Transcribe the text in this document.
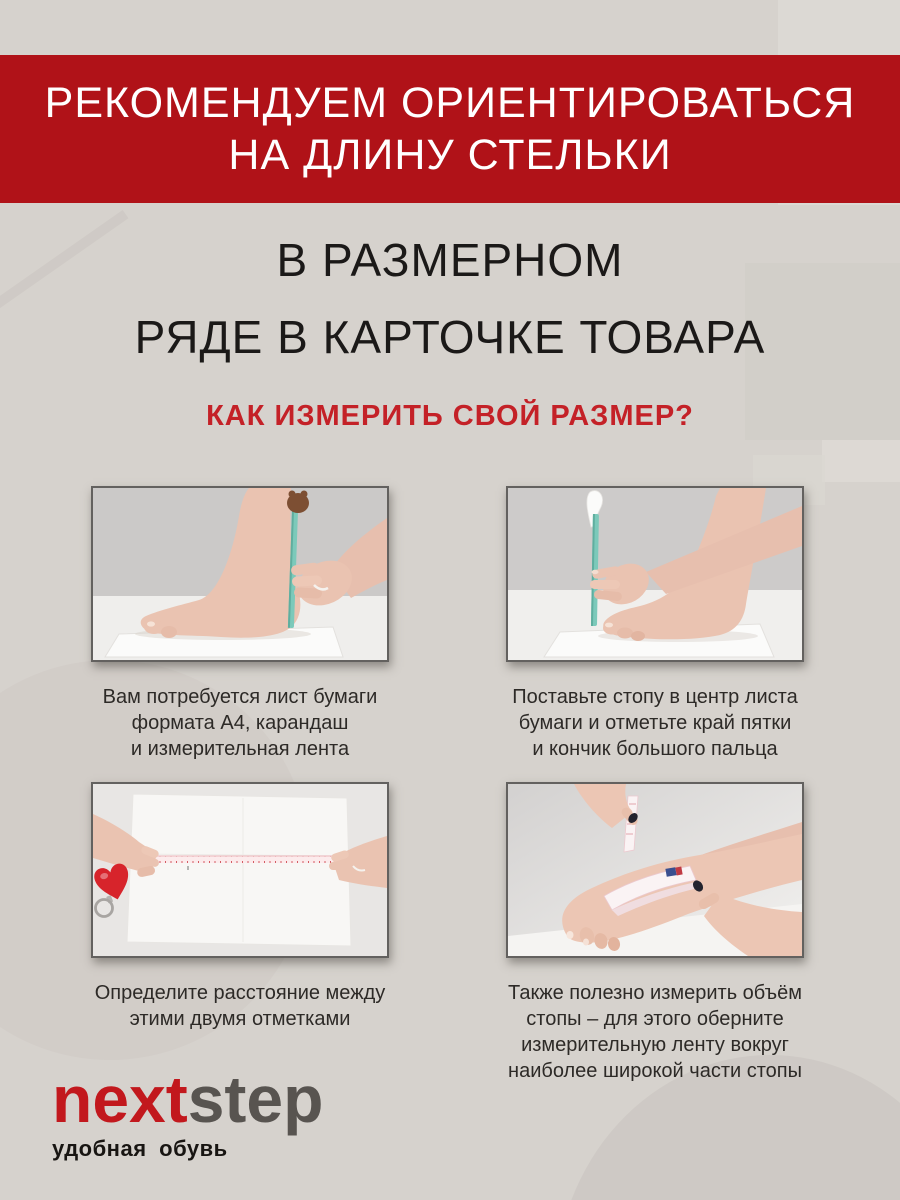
РЕКОМЕНДУЕМ ОРИЕНТИРОВАТЬСЯ
НА ДЛИНУ СТЕЛЬКИ
В РАЗМЕРНОМ
РЯДЕ В КАРТОЧКЕ ТОВАРА
КАК ИЗМЕРИТЬ СВОЙ РАЗМЕР?
Вам потребуется лист бумаги
формата А4, карандаш
и измерительная лента
Поставьте стопу в центр листа
бумаги и отметьте край пятки
и кончик большого пальца
Определите расстояние между
этими двумя отметками
Также полезно измерить объём
стопы – для этого оберните
измерительную ленту вокруг
наиболее широкой части стопы
nextstep
удобная обувь
